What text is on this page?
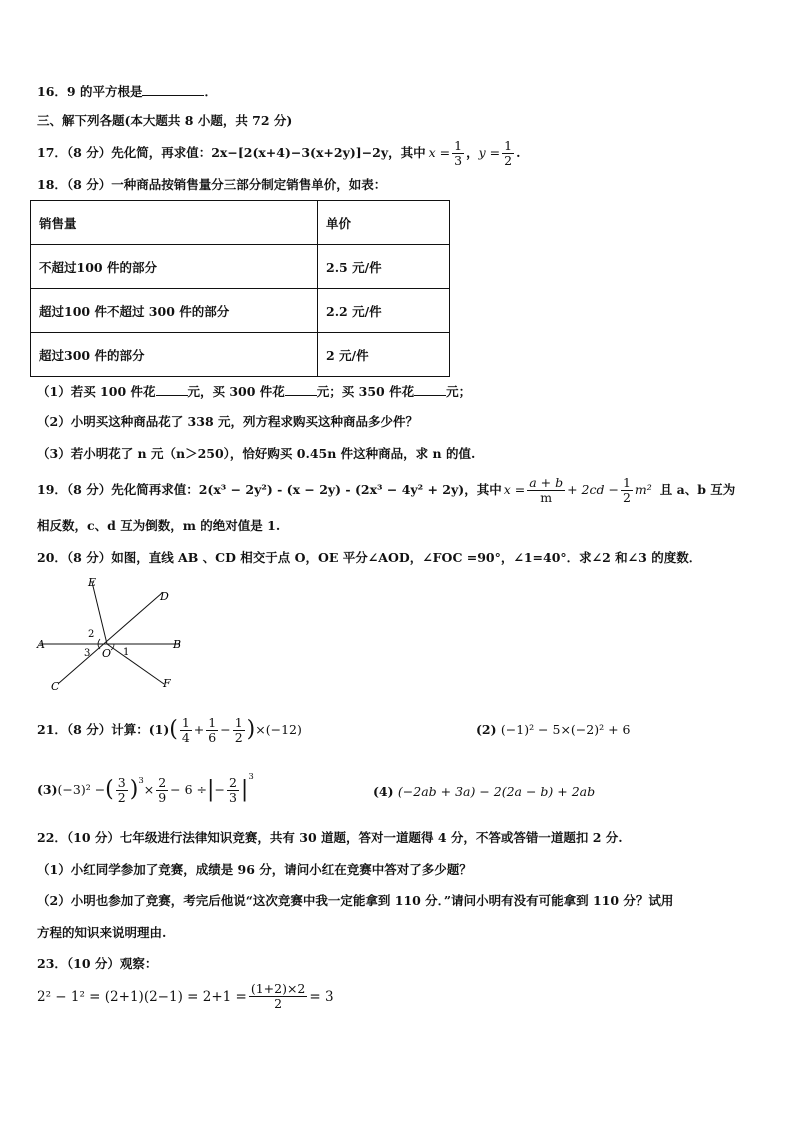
16．9 的平方根是	．
三、解下列各题(本大题共 8 小题，共 72 分)
17．（8 分）先化简，再求值： 2x−[2(x+4)−3(x+2y)]−2y ，其中 $x = \frac{1}{3}$ ， $y = \frac{1}{2}$ .
18．（8 分）一种商品按销售量分三部分制定销售单价，如表：
销售量	单价
不超过100 件的部分	2.5 元/件
超过100 件不超过 300 件的部分	2.2 元/件
超过300 件的部分	2 元/件
（1）若买 100 件花	元，买 300 件花	元；买 350 件花	元；
（2）小明买这种商品花了 338 元，列方程求购买这种商品多少件？
（3）若小明花了 n 元（n＞250），恰好购买 0.45n 件这种商品，求 n 的值.
19．（8 分）先化简再求值： 2(x³ − 2y²) - (x − 2y) - (2x³ − 4y² + 2y) ，其中 $x = \frac{a + b}{m} + 2cd - \frac{1}{2} m^2$ 且 a、b 互为
相反数，c、d 互为倒数，m 的绝对值是 1.
20．（8 分）如图，直线 AB 、CD 相交于点 O，OE 平分∠AOD，∠FOC =90°，∠1=40°．求∠2 和∠3 的度数．
E
D
A	B
C	F
O 1
2
3
21．（8 分）计算： (1) ( $\frac{1}{4} + \frac{1}{6} - \frac{1}{2}$ ) ×(−12)	(2) (−1)² − 5×(−2)² + 6
(3) (−3)² − ( $\frac{3}{2} )^3$
× $\frac{2}{9} - 6$ ÷ | − $\frac{2}{3} |^3$
(4) (−2ab + 3a) − 2(2a − b) + 2ab
22．（10 分）七年级进行法律知识竞赛，共有 30 道题，答对一道题得 4 分，不答或答错一道题扣 2 分.
（1）小红同学参加了竞赛，成绩是 96 分，请问小红在竞赛中答对了多少题？
（2）小明也参加了竞赛，考完后他说“这次竞赛中我一定能拿到 110 分．”请问小明有没有可能拿到 110 分？试用
方程的知识来说明理由.
23．（10 分）观察：
$2^2 - 1^2 = (2+1)(2-1) = 2+1 = \frac{(1+2)\times 2}{2} = 3$
